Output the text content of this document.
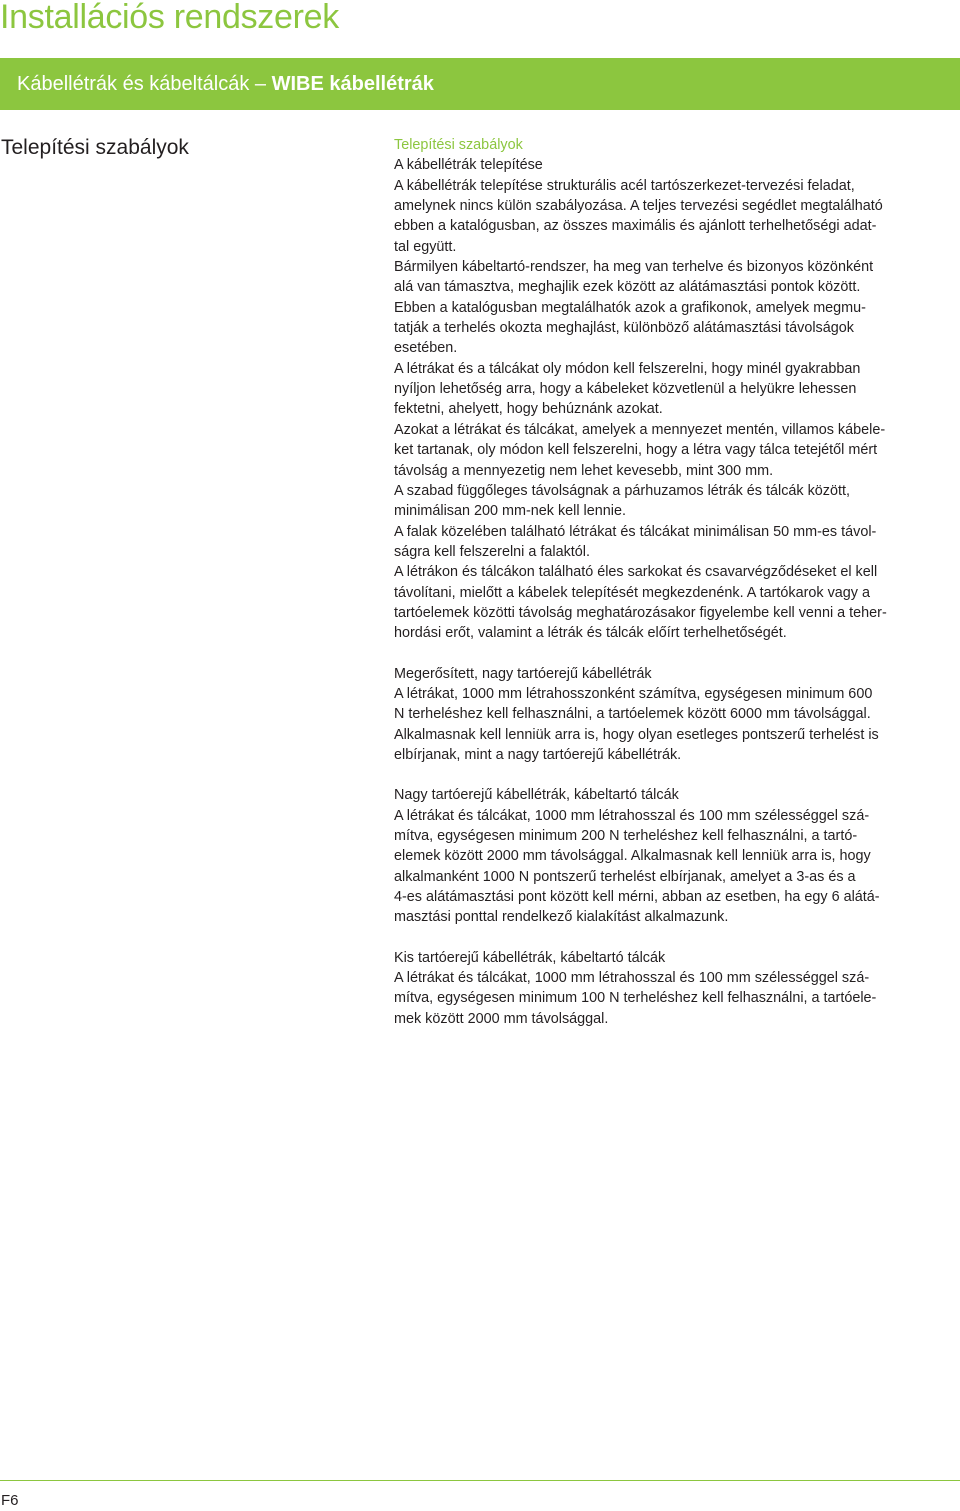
Installációs rendszerek
Kábellétrák és kábeltálcák – WIBE kábellétrák
Telepítési szabályok	Telepítési szabályok
A kábellétrák telepítése
A kábellétrák telepítése strukturális acél tartószerkezet-tervezési feladat,
amelynek nincs külön szabályozása. A teljes tervezési segédlet megtalálható
ebben a katalógusban, az összes maximális és ajánlott terhelhetőségi adat-
tal együtt.
Bármilyen kábeltartó-rendszer, ha meg van terhelve és bizonyos közönként
alá van támasztva, meghajlik ezek között az alátámasztási pontok között.
Ebben a katalógusban megtalálhatók azok a grafikonok, amelyek megmu-
tatják a terhelés okozta meghajlást, különböző alátámasztási távolságok
esetében.
A létrákat és a tálcákat oly módon kell felszerelni, hogy minél gyakrabban
nyíljon lehetőség arra, hogy a kábeleket közvetlenül a helyükre lehessen
fektetni, ahelyett, hogy behúznánk azokat.
Azokat a létrákat és tálcákat, amelyek a mennyezet mentén, villamos kábele-
ket tartanak, oly módon kell felszerelni, hogy a létra vagy tálca tetejétől mért
távolság a mennyezetig nem lehet kevesebb, mint 300 mm.
A szabad függőleges távolságnak a párhuzamos létrák és tálcák között,
minimálisan 200 mm-nek kell lennie.
A falak közelében található létrákat és tálcákat minimálisan 50 mm-es távol-
ságra kell felszerelni a falaktól.
A létrákon és tálcákon található éles sarkokat és csavarvégződéseket el kell
távolítani, mielőtt a kábelek telepítését megkezdenénk. A tartókarok vagy a
tartóelemek közötti távolság meghatározásakor figyelembe kell venni a teher-
hordási erőt, valamint a létrák és tálcák előírt terhelhetőségét.
Megerősített, nagy tartóerejű kábellétrák
A létrákat, 1000 mm létrahosszonként számítva, egységesen minimum 600
N terheléshez kell felhasználni, a tartóelemek között 6000 mm távolsággal.
Alkalmasnak kell lenniük arra is, hogy olyan esetleges pontszerű terhelést is
elbírjanak, mint a nagy tartóerejű kábellétrák.
Nagy tartóerejű kábellétrák, kábeltartó tálcák
A létrákat és tálcákat, 1000 mm létrahosszal és 100 mm szélességgel szá-
mítva, egységesen minimum 200 N terheléshez kell felhasználni, a tartó-
elemek között 2000 mm távolsággal. Alkalmasnak kell lenniük arra is, hogy
alkalmanként 1000 N pontszerű terhelést elbírjanak, amelyet a 3-as és a
4-es alátámasztási pont között kell mérni, abban az esetben, ha egy 6 alátá-
masztási ponttal rendelkező kialakítást alkalmazunk.
Kis tartóerejű kábellétrák, kábeltartó tálcák
A létrákat és tálcákat, 1000 mm létrahosszal és 100 mm szélességgel szá-
mítva, egységesen minimum 100 N terheléshez kell felhasználni, a tartóele-
mek között 2000 mm távolsággal.
F6
